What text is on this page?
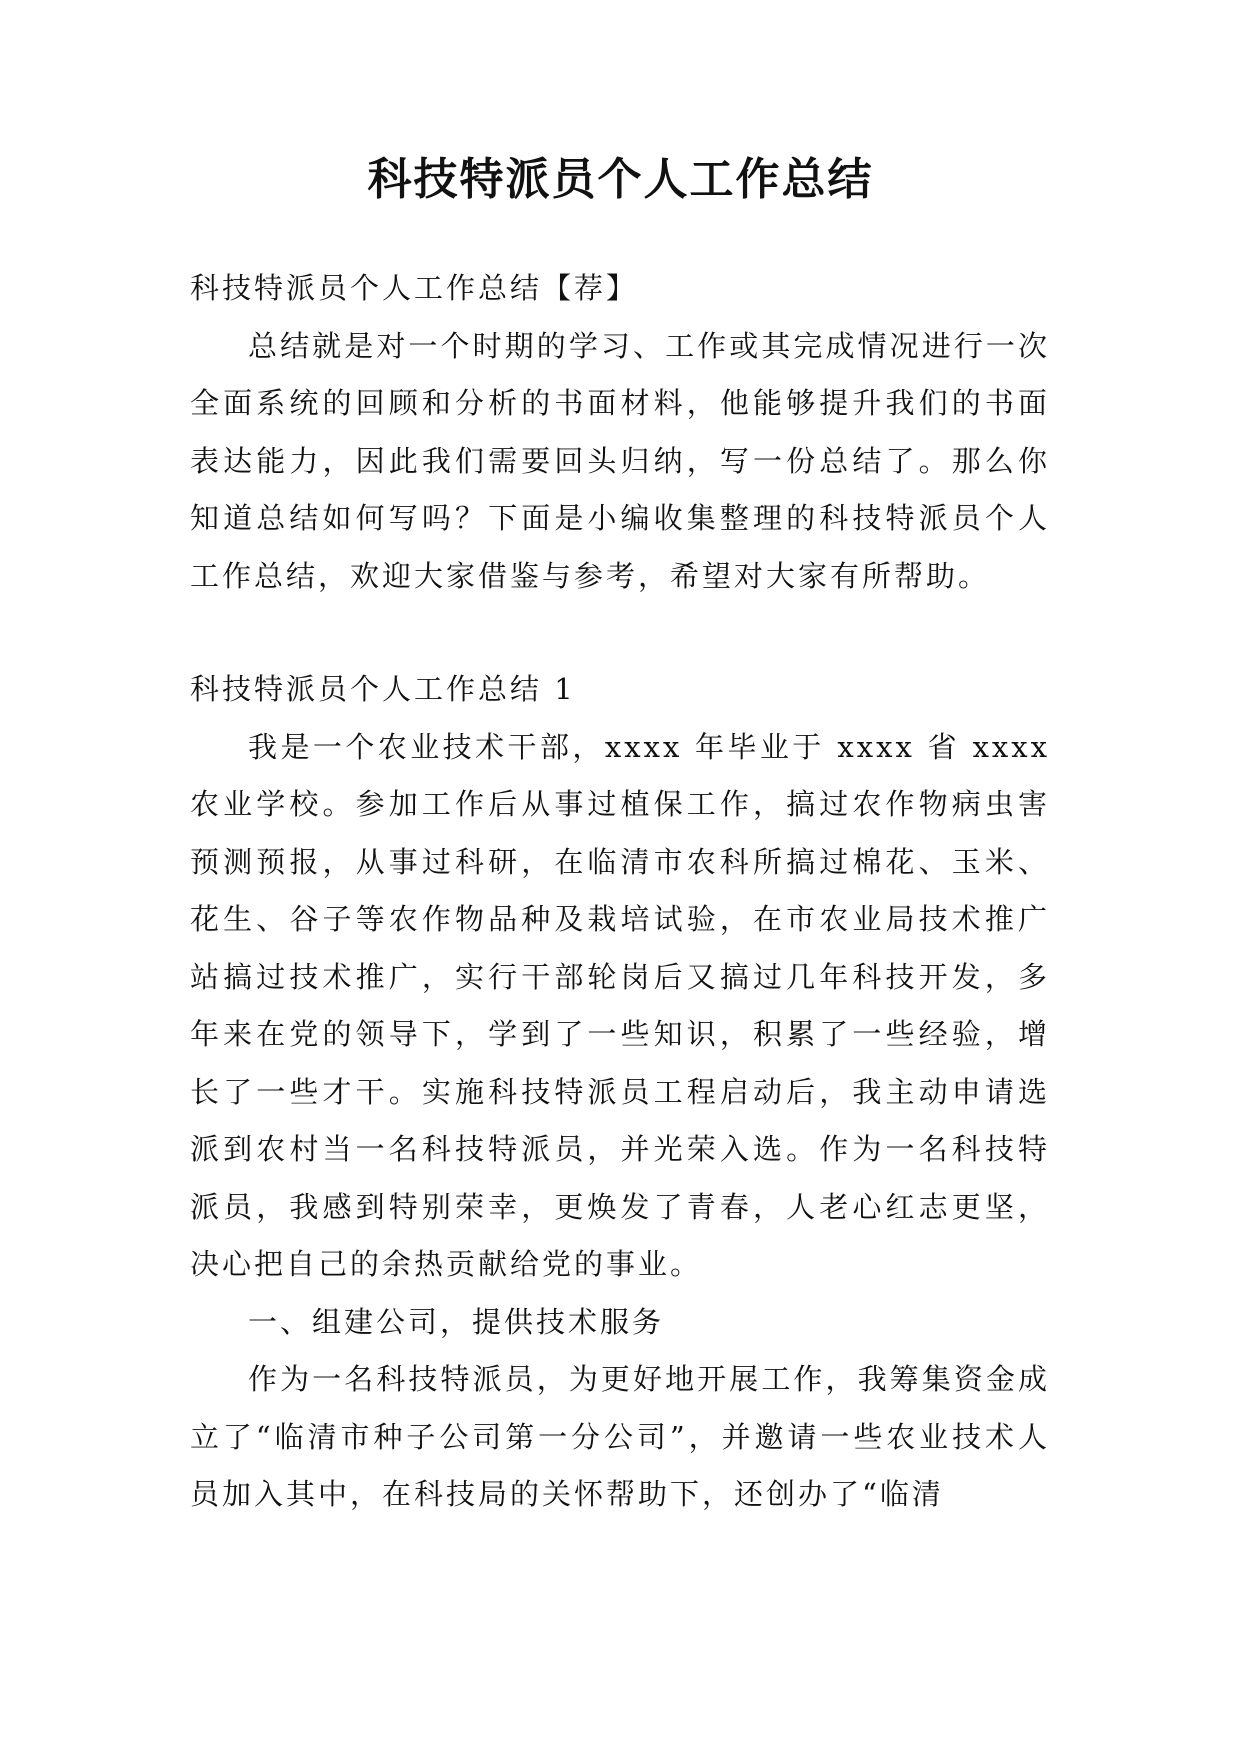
科技特派员个人工作总结

科技特派员个人工作总结【荐】

总结就是对一个时期的学习、工作或其完成情况进行一次全面系统的回顾和分析的书面材料，他能够提升我们的书面表达能力，因此我们需要回头归纳，写一份总结了。那么你知道总结如何写吗？下面是小编收集整理的科技特派员个人工作总结，欢迎大家借鉴与参考，希望对大家有所帮助。

科技特派员个人工作总结 1

我是一个农业技术干部，xxxx 年毕业于 xxxx 省 xxxx 农业学校。参加工作后从事过植保工作，搞过农作物病虫害预测预报，从事过科研，在临清市农科所搞过棉花、玉米、花生、谷子等农作物品种及栽培试验，在市农业局技术推广站搞过技术推广，实行干部轮岗后又搞过几年科技开发，多年来在党的领导下，学到了一些知识，积累了一些经验，增长了一些才干。实施科技特派员工程启动后，我主动申请选派到农村当一名科技特派员，并光荣入选。作为一名科技特派员，我感到特别荣幸，更焕发了青春，人老心红志更坚，决心把自己的余热贡献给党的事业。

一、组建公司，提供技术服务

作为一名科技特派员，为更好地开展工作，我筹集资金成立了“临清市种子公司第一分公司”，并邀请一些农业技术人员加入其中，在科技局的关怀帮助下，还创办了“临清
